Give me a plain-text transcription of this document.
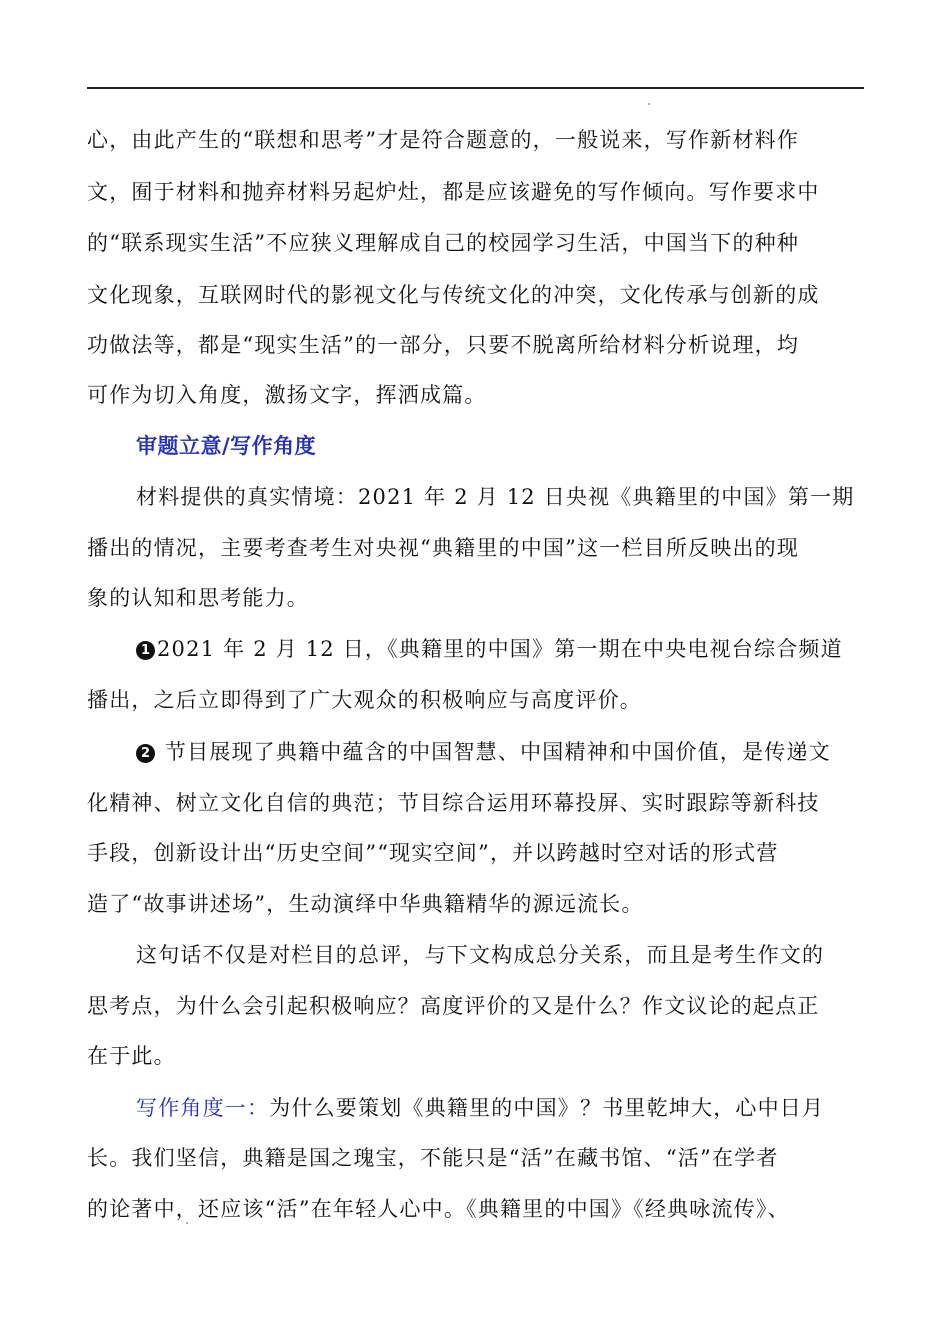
心，由此产生的“联想和思考”才是符合题意的，一般说来，写作新材料作

文，囿于材料和抛弃材料另起炉灶，都是应该避免的写作倾向。写作要求中

的“联系现实生活”不应狭义理解成自己的校园学习生活，中国当下的种种

文化现象，互联网时代的影视文化与传统文化的冲突，文化传承与创新的成

功做法等，都是“现实生活”的一部分，只要不脱离所给材料分析说理，均

可作为切入角度，激扬文字，挥洒成篇。

审题立意/写作角度

材料提供的真实情境：2021 年 2 月 12 日央视《典籍里的中国》第一期

播出的情况，主要考查考生对央视“典籍里的中国”这一栏目所反映出的现

象的认知和思考能力。

1 2021 年 2 月 12 日，《典籍里的中国》第一期在中央电视台综合频道

播出，之后立即得到了广大观众的积极响应与高度评价。

2 节目展现了典籍中蕴含的中国智慧、中国精神和中国价值，是传递文

化精神、树立文化自信的典范；节目综合运用环幕投屏、实时跟踪等新科技

手段，创新设计出“历史空间”“现实空间”，并以跨越时空对话的形式营

造了“故事讲述场”，生动演绎中华典籍精华的源远流长。

这句话不仅是对栏目的总评，与下文构成总分关系，而且是考生作文的

思考点，为什么会引起积极响应？高度评价的又是什么？作文议论的起点正

在于此。

写作角度一：为什么要策划《典籍里的中国》？书里乾坤大，心中日月

长。我们坚信，典籍是国之瑰宝，不能只是“活”在藏书馆、“活”在学者

的论著中，还应该“活”在年轻人心中。《典籍里的中国》《经典咏流传》、
